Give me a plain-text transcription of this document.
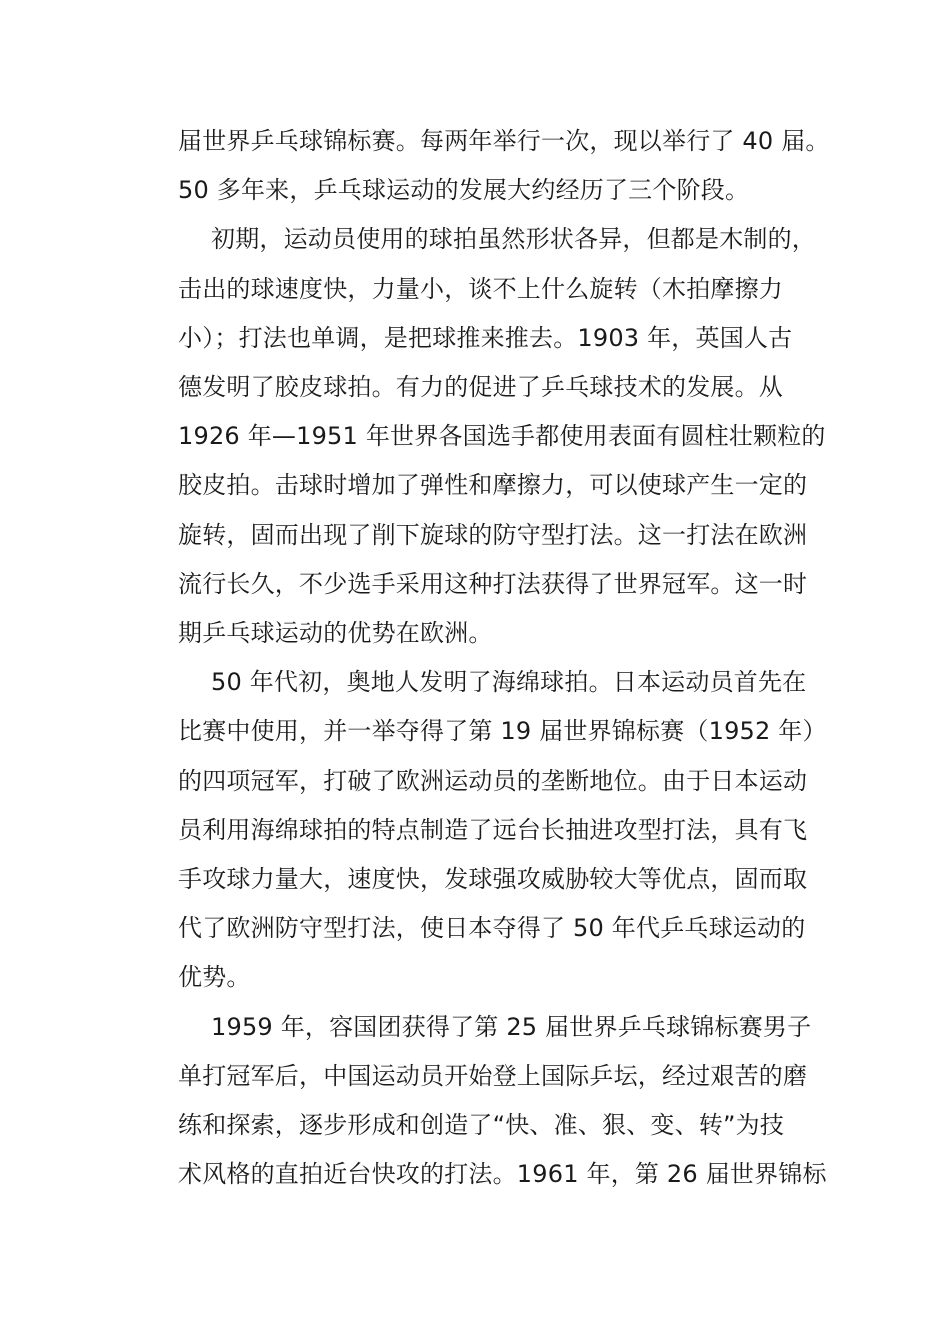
届世界乒乓球锦标赛。每两年举行一次，现以举行了 40 届。
50 多年来，乒乓球运动的发展大约经历了三个阶段。

初期，运动员使用的球拍虽然形状各异，但都是木制的，
击出的球速度快，力量小，谈不上什么旋转（木拍摩擦力
小）；打法也单调，是把球推来推去。1903 年，英国人古
德发明了胶皮球拍。有力的促进了乒乓球技术的发展。从
1926 年—1951 年世界各国选手都使用表面有圆柱壮颗粒的
胶皮拍。击球时增加了弹性和摩擦力，可以使球产生一定的
旋转，固而出现了削下旋球的防守型打法。这一打法在欧洲
流行长久，不少选手采用这种打法获得了世界冠军。这一时
期乒乓球运动的优势在欧洲。

50 年代初，奥地人发明了海绵球拍。日本运动员首先在
比赛中使用，并一举夺得了第 19 届世界锦标赛（1952 年）
的四项冠军，打破了欧洲运动员的垄断地位。由于日本运动
员利用海绵球拍的特点制造了远台长抽进攻型打法，具有飞
手攻球力量大，速度快，发球强攻威胁较大等优点，固而取
代了欧洲防守型打法，使日本夺得了 50 年代乒乓球运动的
优势。

1959 年，容国团获得了第 25 届世界乒乓球锦标赛男子
单打冠军后，中国运动员开始登上国际乒坛，经过艰苦的磨
练和探索，逐步形成和创造了“快、准、狠、变、转”为技
术风格的直拍近台快攻的打法。1961 年，第 26 届世界锦标
